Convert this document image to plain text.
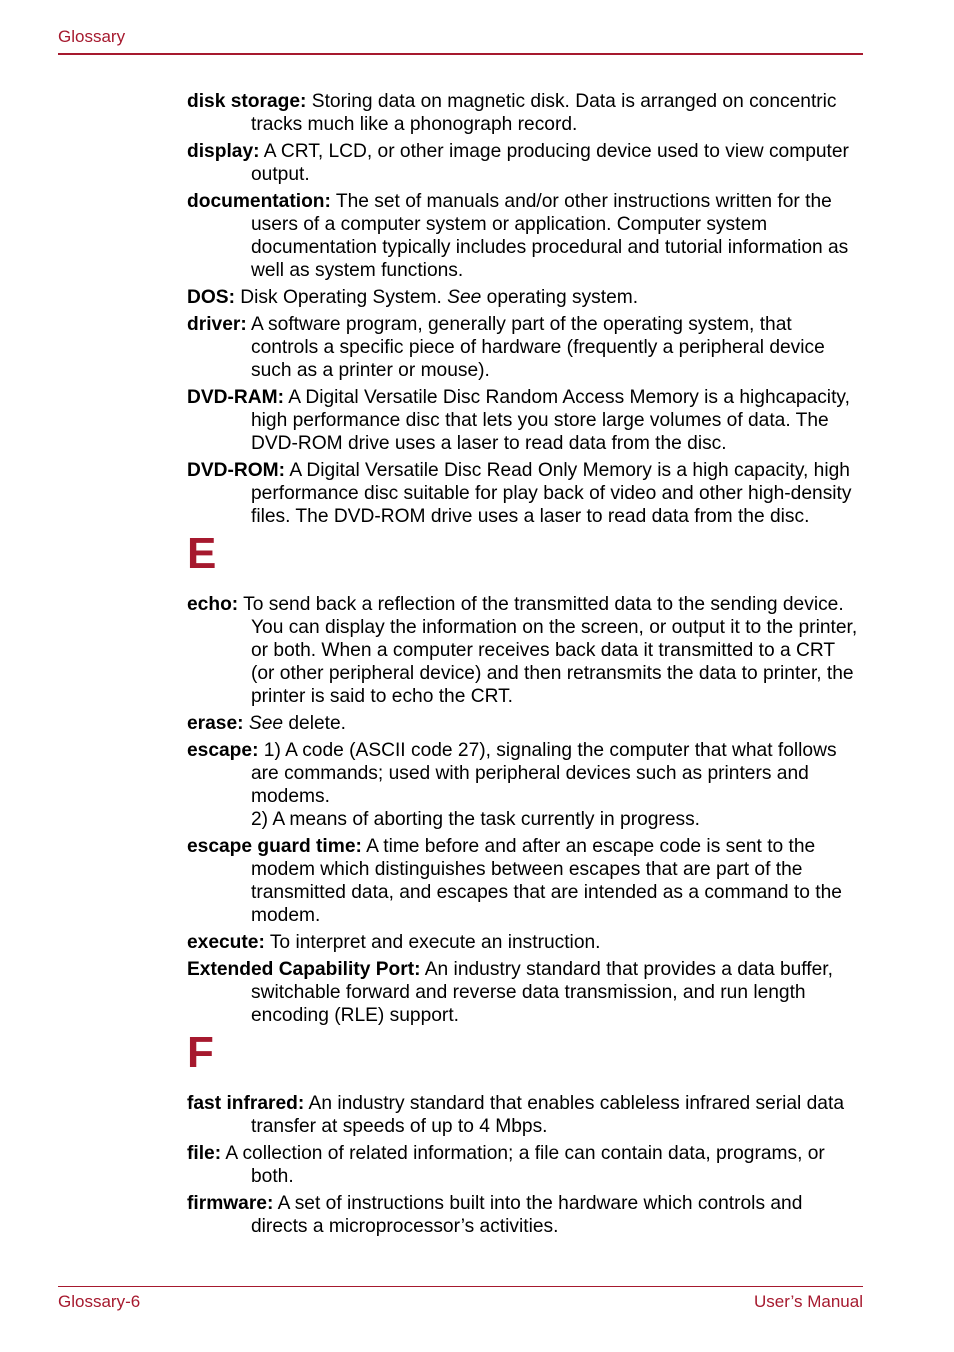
Glossary
disk storage: Storing data on magnetic disk. Data is arranged on concentric tracks much like a phonograph record.
display: A CRT, LCD, or other image producing device used to view computer output.
documentation: The set of manuals and/or other instructions written for the users of a computer system or application. Computer system documentation typically includes procedural and tutorial information as well as system functions.
DOS: Disk Operating System. See operating system.
driver: A software program, generally part of the operating system, that controls a specific piece of hardware (frequently a peripheral device such as a printer or mouse).
DVD-RAM: A Digital Versatile Disc Random Access Memory is a highcapacity, high performance disc that lets you store large volumes of data. The DVD-ROM drive uses a laser to read data from the disc.
DVD-ROM: A Digital Versatile Disc Read Only Memory is a high capacity, high performance disc suitable for play back of video and other high-density files. The DVD-ROM drive uses a laser to read data from the disc.
E
echo: To send back a reflection of the transmitted data to the sending device. You can display the information on the screen, or output it to the printer, or both. When a computer receives back data it transmitted to a CRT (or other peripheral device) and then retransmits the data to printer, the printer is said to echo the CRT.
erase: See delete.
escape: 1) A code (ASCII code 27), signaling the computer that what follows are commands; used with peripheral devices such as printers and modems.
2) A means of aborting the task currently in progress.
escape guard time: A time before and after an escape code is sent to the modem which distinguishes between escapes that are part of the transmitted data, and escapes that are intended as a command to the modem.
execute: To interpret and execute an instruction.
Extended Capability Port: An industry standard that provides a data buffer, switchable forward and reverse data transmission, and run length encoding (RLE) support.
F
fast infrared: An industry standard that enables cableless infrared serial data transfer at speeds of up to 4 Mbps.
file: A collection of related information; a file can contain data, programs, or both.
firmware: A set of instructions built into the hardware which controls and directs a microprocessor’s activities.
Glossary-6	User’s Manual
